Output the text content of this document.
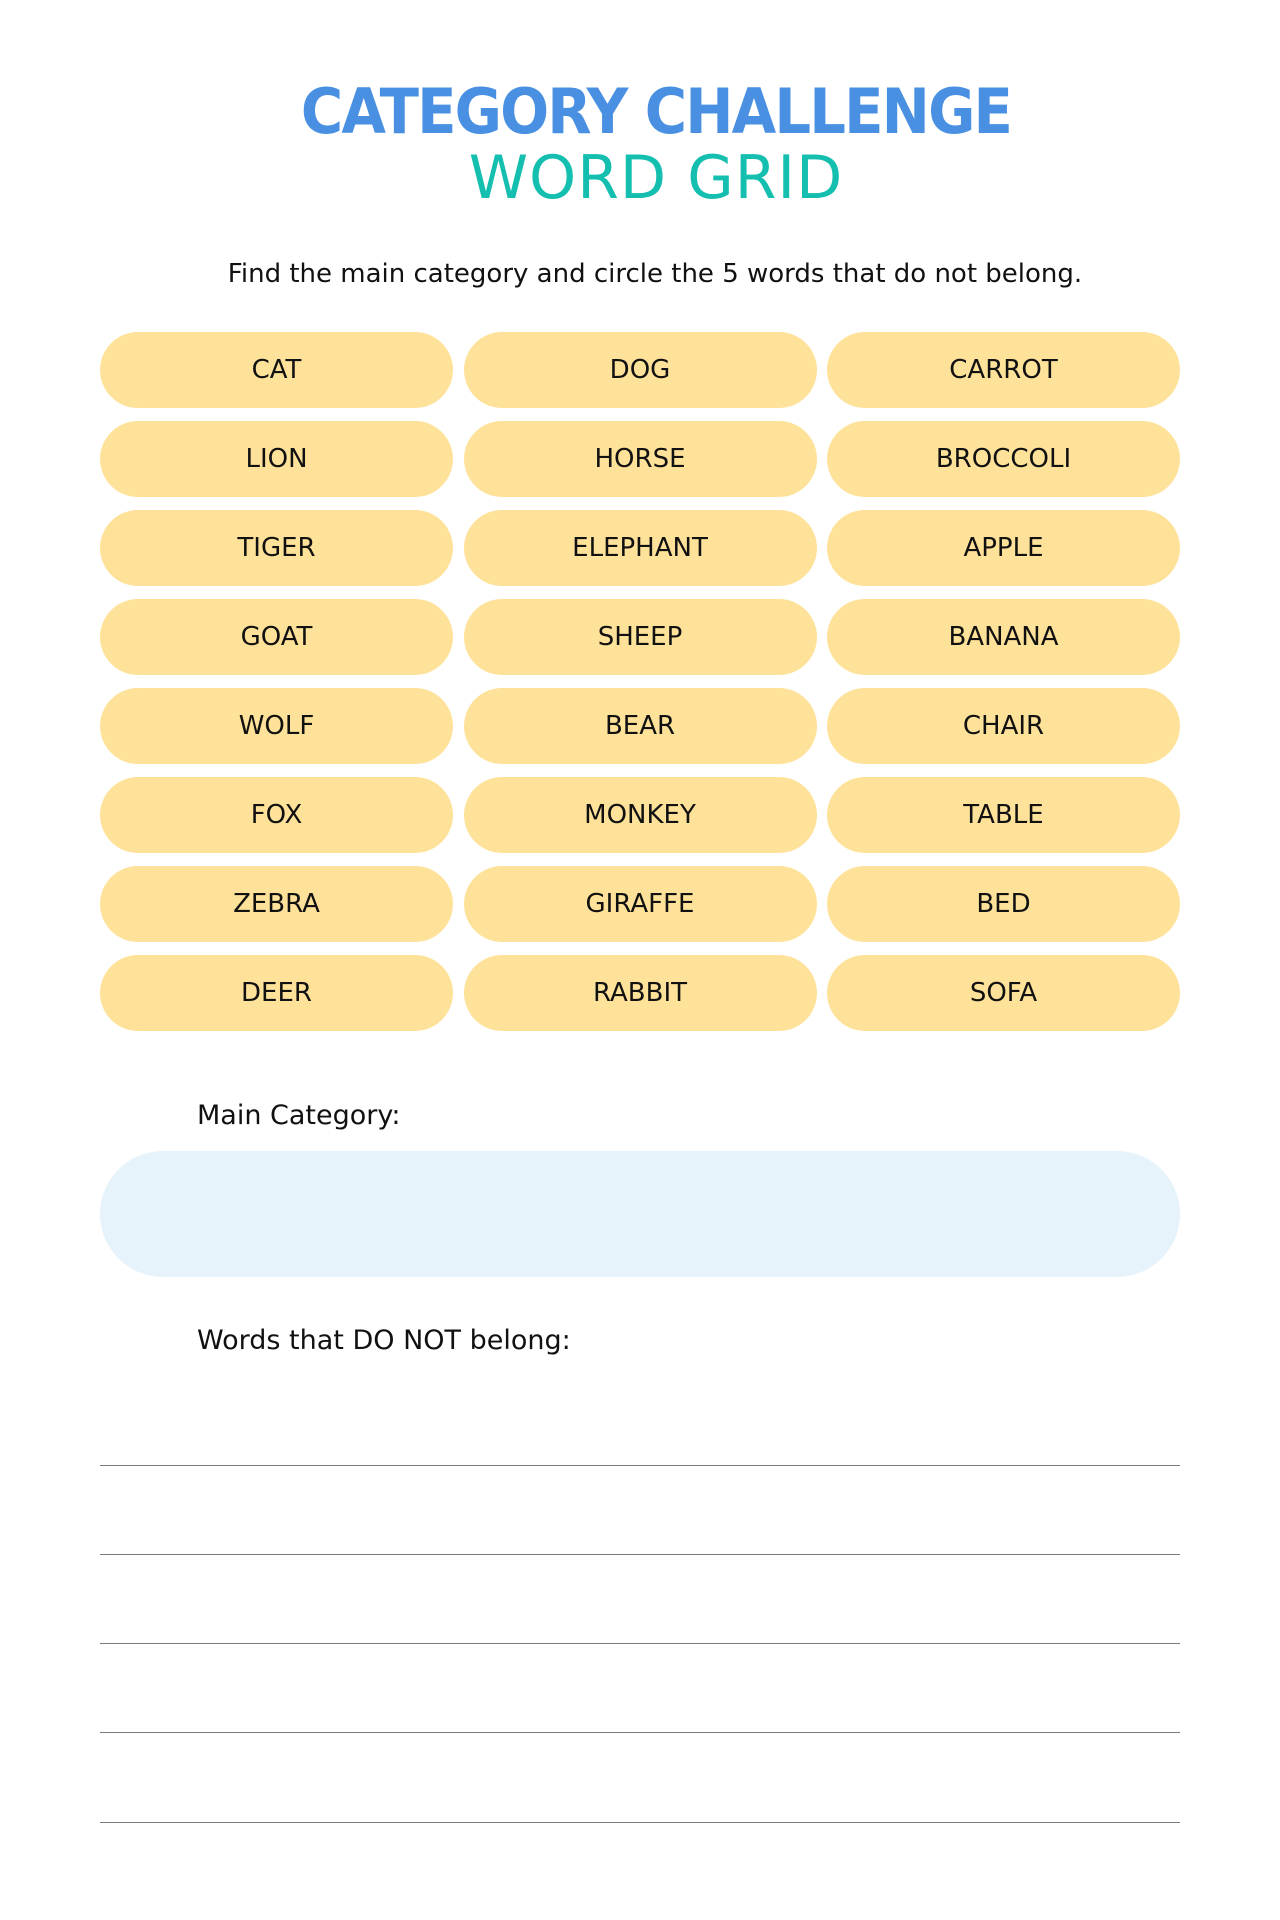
CATEGORY CHALLENGE
WORD GRID
Find the main category and circle the 5 words that do not belong.
CAT	DOG	CARROT
LION	HORSE	BROCCOLI
TIGER	ELEPHANT	APPLE
GOAT	SHEEP	BANANA
WOLF	BEAR	CHAIR
FOX	MONKEY	TABLE
ZEBRA	GIRAFFE	BED
DEER	RABBIT	SOFA
Main Category:
Words that DO NOT belong:
